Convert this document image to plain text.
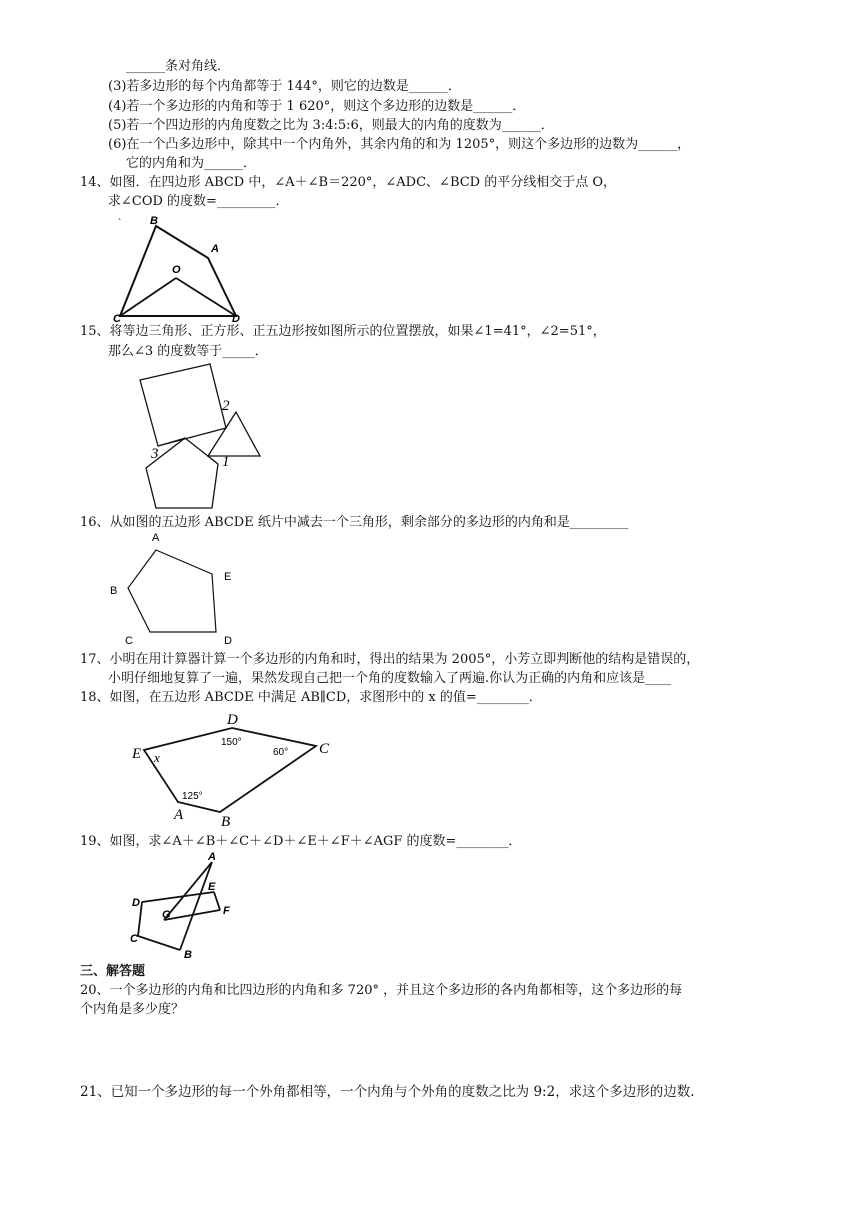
______条对角线．
(3)若多边形的每个内角都等于 144°，则它的边数是______．
(4)若一个多边形的内角和等于 1 620°，则这个多边形的边数是______．
(5)若一个四边形的内角度数之比为 3:4:5:6，则最大的内角的度数为______．
(6)在一个凸多边形中，除其中一个内角外，其余内角的和为 1205°，则这个多边形的边数为______，
它的内角和为______．
14、如图．在四边形 ABCD 中，∠A＋∠B＝220°，∠ADC、∠BCD 的平分线相交于点 O，
求∠COD 的度数=_________．
`	B
A
O
C	D
15、将等边三角形、正方形、正五边形按如图所示的位置摆放，如果∠1=41°，∠2=51°，
那么∠3 的度数等于_____．
2
1
3
16、从如图的五边形 ABCDE 纸片中减去一个三角形，剩余部分的多边形的内角和是_________
A
B
E
C	D
17、小明在用计算器计算一个多边形的内角和时，得出的结果为 2005°，小芳立即判断他的结构是错误的，
小明仔细地复算了一遍，果然发现自己把一个角的度数输入了两遍.你认为正确的内角和应该是____
18、如图，在五边形 ABCDE 中满足 AB∥CD，求图形中的 x 的值=________．
D
C
E
A	B
x
150°
60°
125°
19、如图，求∠A＋∠B＋∠C＋∠D＋∠E＋∠F＋∠AGF 的度数=________．
A
E
D
F
G
C
B
三、解答题
20、一个多边形的内角和比四边形的内角和多 720° ，并且这个多边形的各内角都相等，这个多边形的每
个内角是多少度？
21、已知一个多边形的每一个外角都相等，一个内角与个外角的度数之比为 9:2，求这个多边形的边数.
